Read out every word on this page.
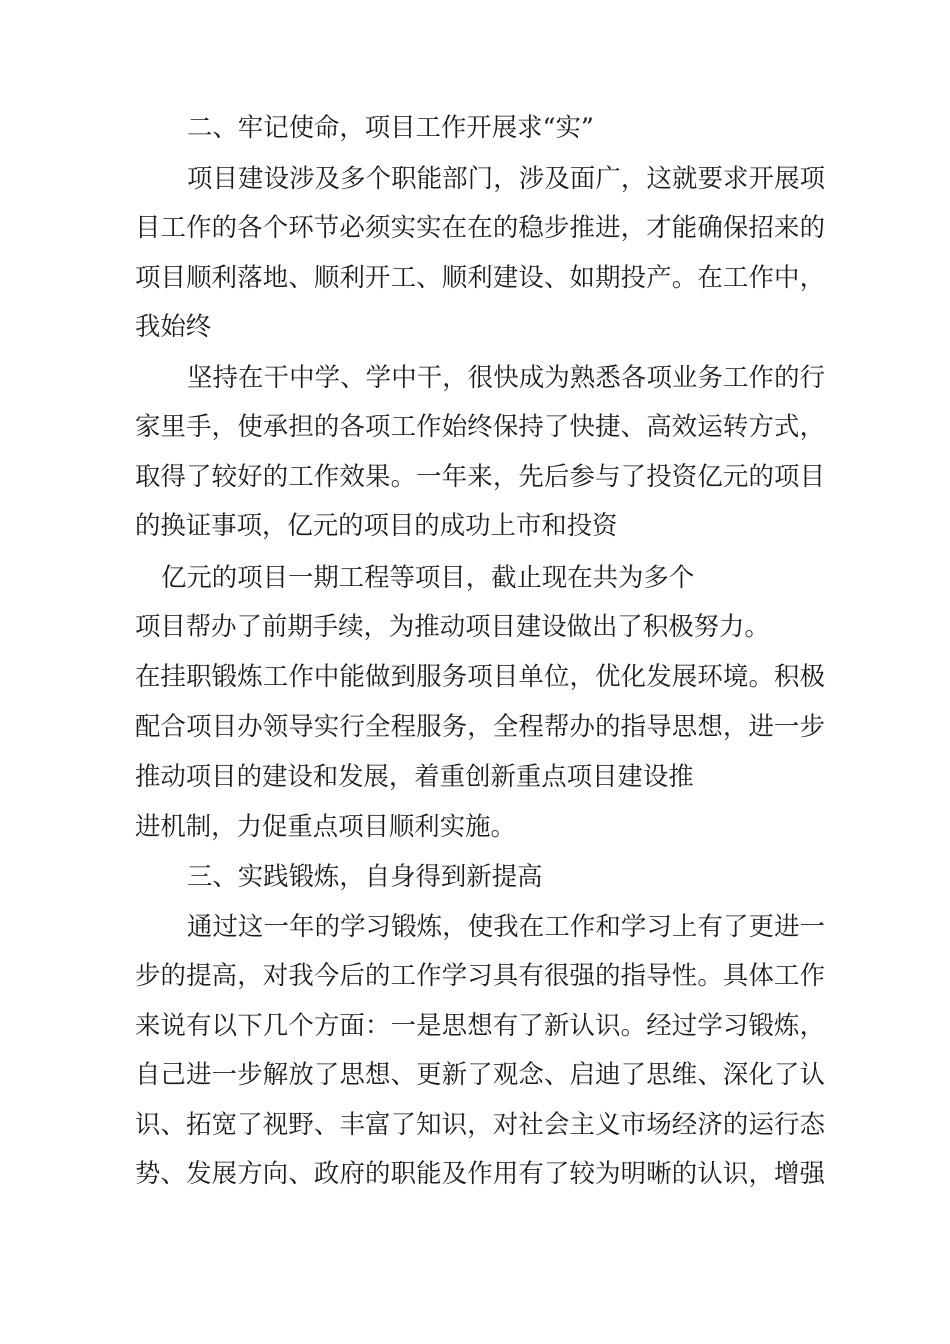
二、牢记使命，项目工作开展求“实”
项目建设涉及多个职能部门，涉及面广，这就要求开展项
目工作的各个环节必须实实在在的稳步推进，才能确保招来的
项目顺利落地、顺利开工、顺利建设、如期投产。在工作中，
我始终
坚持在干中学、学中干，很快成为熟悉各项业务工作的行
家里手，使承担的各项工作始终保持了快捷、高效运转方式，
取得了较好的工作效果。一年来，先后参与了投资亿元的项目
的换证事项，亿元的项目的成功上市和投资
亿元的项目一期工程等项目，截止现在共为多个
项目帮办了前期手续，为推动项目建设做出了积极努力。
在挂职锻炼工作中能做到服务项目单位，优化发展环境。积极
配合项目办领导实行全程服务，全程帮办的指导思想，进一步
推动项目的建设和发展，着重创新重点项目建设推
进机制，力促重点项目顺利实施。
三、实践锻炼，自身得到新提高
通过这一年的学习锻炼，使我在工作和学习上有了更进一
步的提高，对我今后的工作学习具有很强的指导性。具体工作
来说有以下几个方面：一是思想有了新认识。经过学习锻炼，
自己进一步解放了思想、更新了观念、启迪了思维、深化了认
识、拓宽了视野、丰富了知识，对社会主义市场经济的运行态
势、发展方向、政府的职能及作用有了较为明晰的认识，增强
